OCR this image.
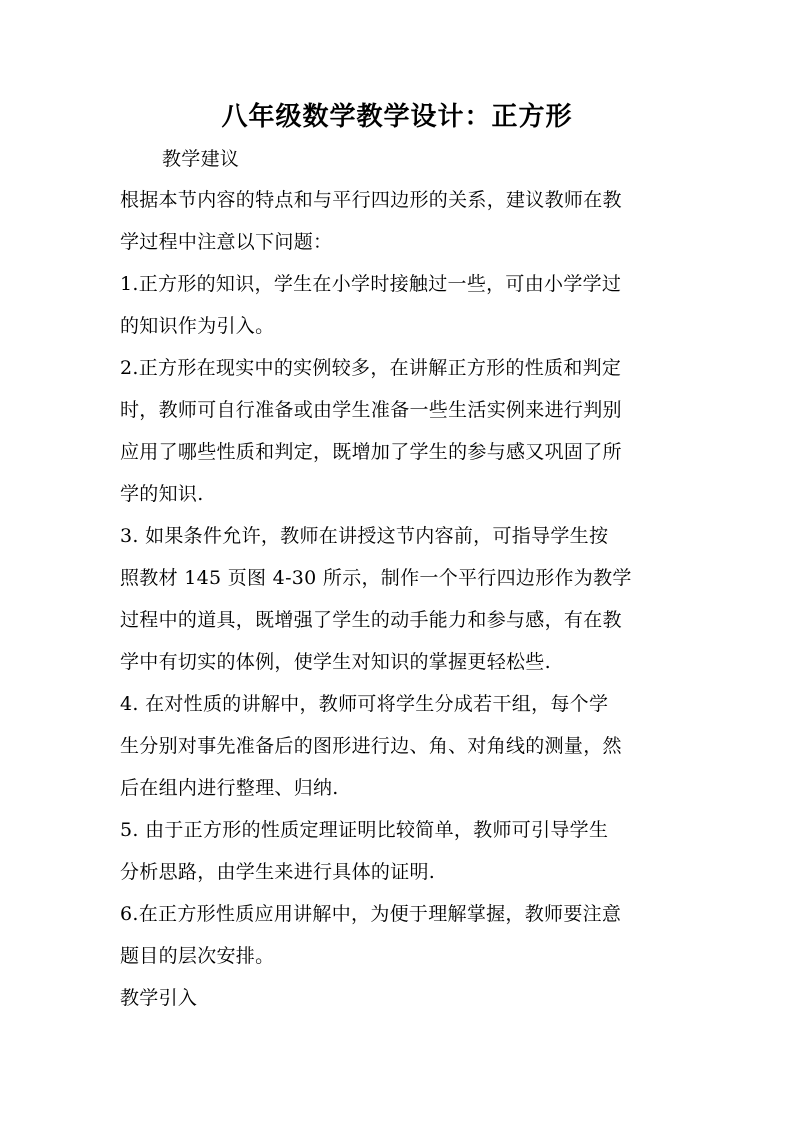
八年级数学教学设计：正方形
教学建议
根据本节内容的特点和与平行四边形的关系，建议教师在教
学过程中注意以下问题：
1.正方形的知识，学生在小学时接触过一些，可由小学学过
的知识作为引入。
2.正方形在现实中的实例较多，在讲解正方形的性质和判定
时，教师可自行准备或由学生准备一些生活实例来进行判别
应用了哪些性质和判定，既增加了学生的参与感又巩固了所
学的知识.
3. 如果条件允许，教师在讲授这节内容前，可指导学生按
照教材 145 页图 4-30 所示，制作一个平行四边形作为教学
过程中的道具，既增强了学生的动手能力和参与感，有在教
学中有切实的体例，使学生对知识的掌握更轻松些.
4. 在对性质的讲解中，教师可将学生分成若干组，每个学
生分别对事先准备后的图形进行边、角、对角线的测量，然
后在组内进行整理、归纳.
5. 由于正方形的性质定理证明比较简单，教师可引导学生
分析思路，由学生来进行具体的证明.
6.在正方形性质应用讲解中，为便于理解掌握，教师要注意
题目的层次安排。
教学引入
